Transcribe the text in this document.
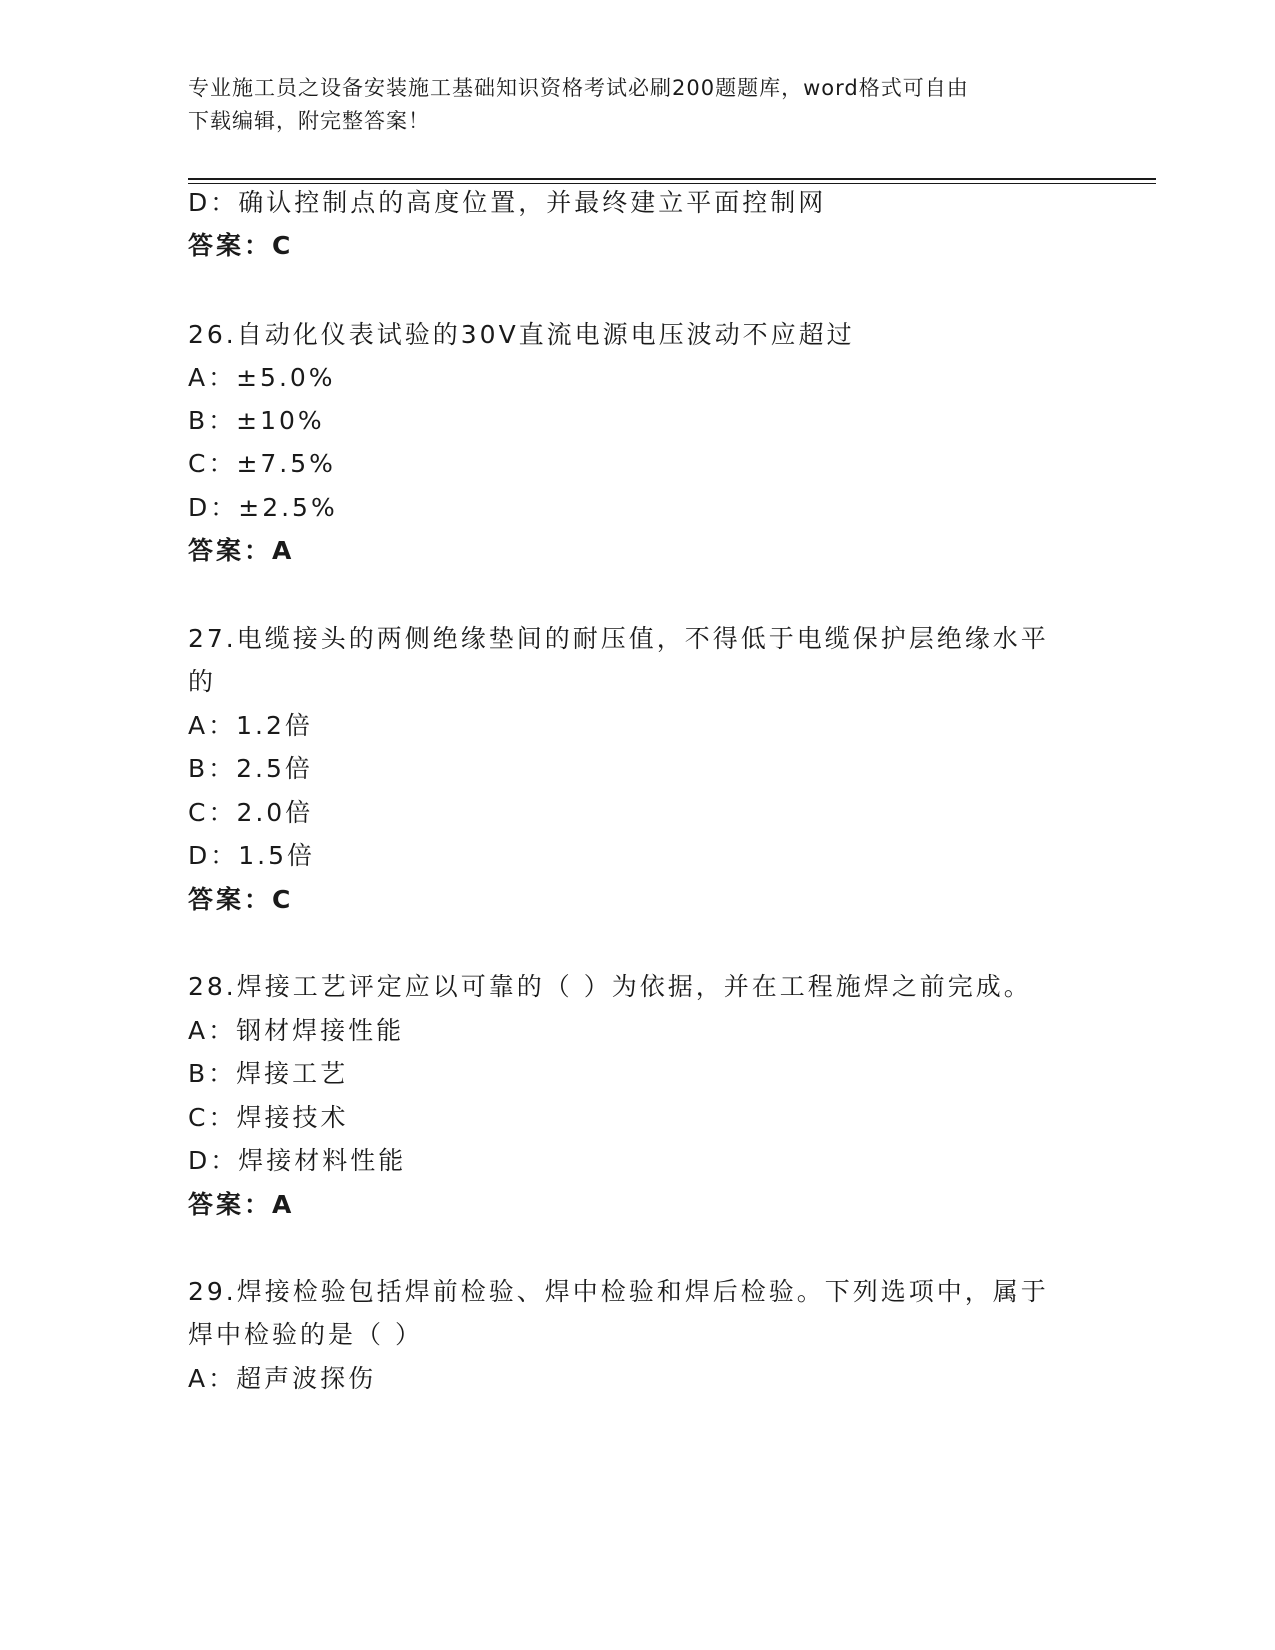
专业施工员之设备安装施工基础知识资格考试必刷200题题库，word格式可自由
下载编辑，附完整答案！
D：确认控制点的高度位置，并最终建立平面控制网
答案：C
26.自动化仪表试验的30V直流电源电压波动不应超过
A：±5.0%
B：±10%
C：±7.5%
D：±2.5%
答案：A
27.电缆接头的两侧绝缘垫间的耐压值，不得低于电缆保护层绝缘水平
的
A：1.2倍
B：2.5倍
C：2.0倍
D：1.5倍
答案：C
28.焊接工艺评定应以可靠的（ ）为依据，并在工程施焊之前完成。
A：钢材焊接性能
B：焊接工艺
C：焊接技术
D：焊接材料性能
答案：A
29.焊接检验包括焊前检验、焊中检验和焊后检验。下列选项中，属于
焊中检验的是（ ）
A：超声波探伤
